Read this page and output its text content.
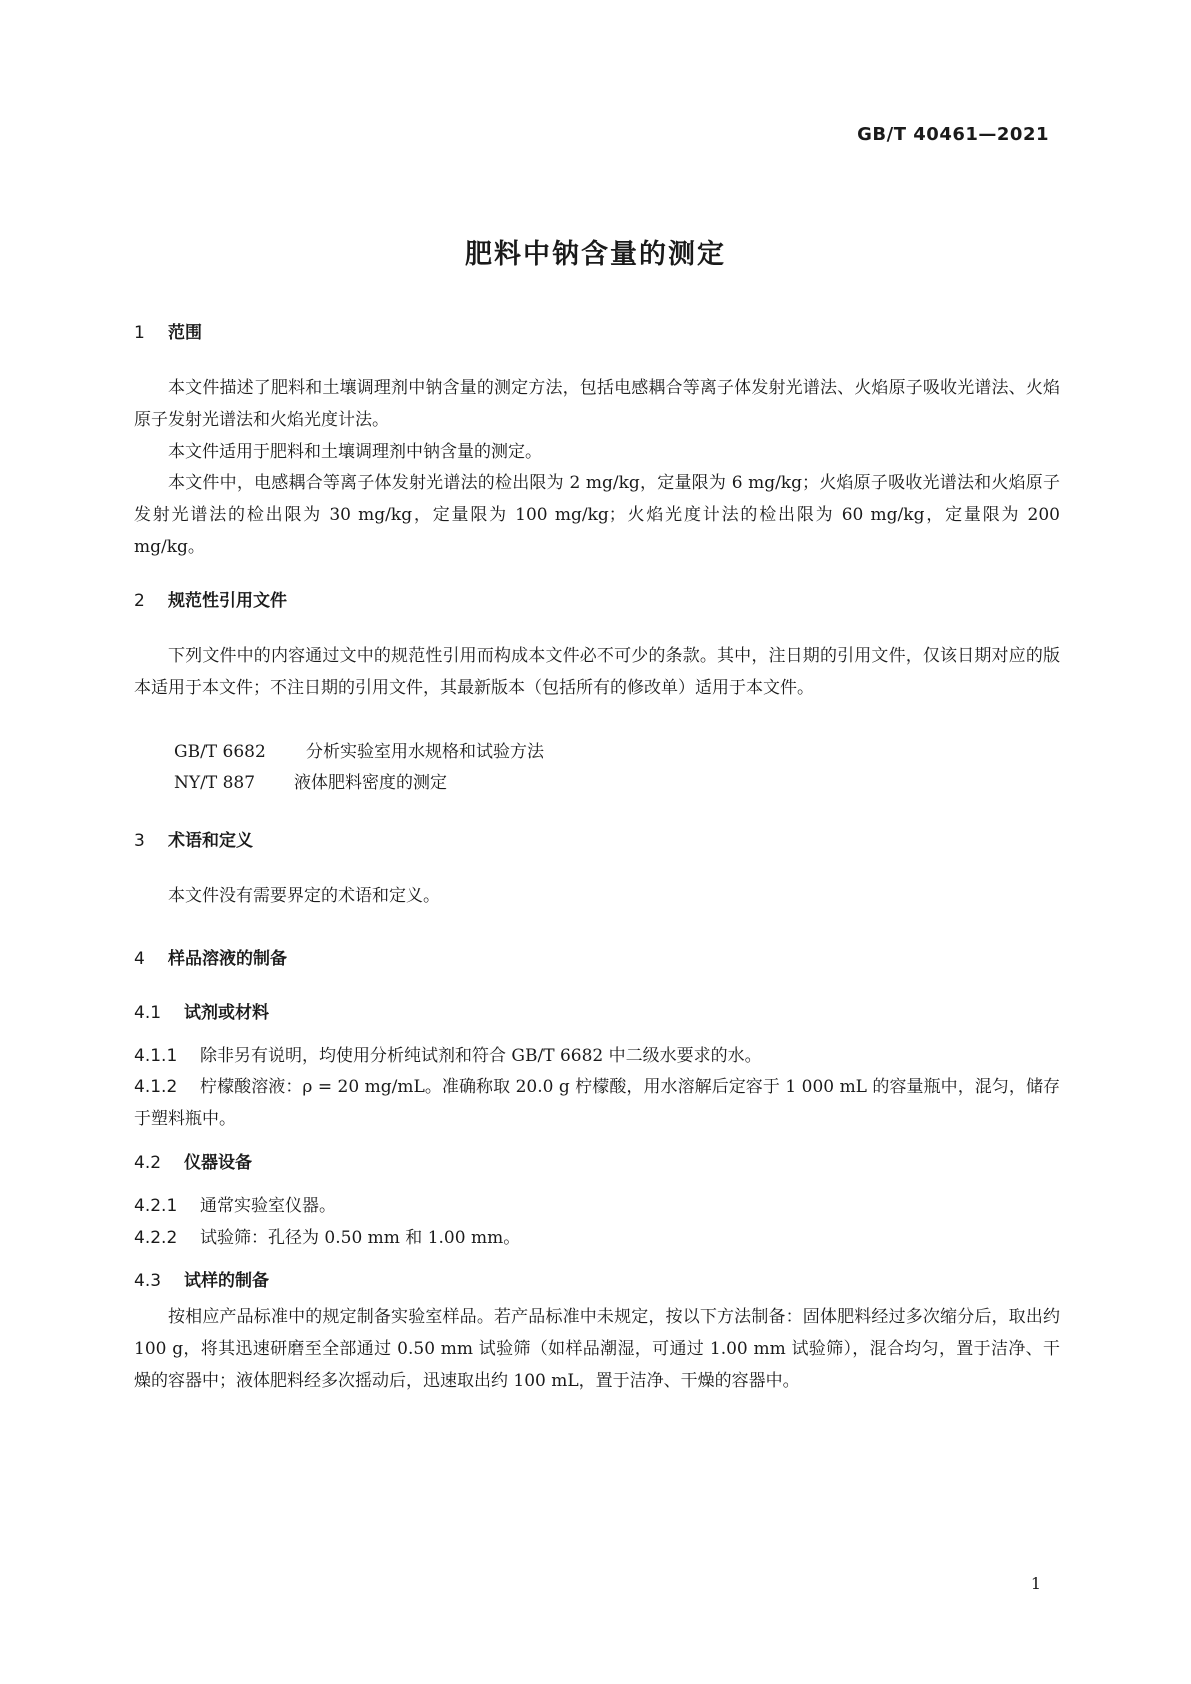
GB/T 40461—2021
肥料中钠含量的测定
1 范围

本文件描述了肥料和土壤调理剂中钠含量的测定方法，包括电感耦合等离子体发射光谱法、火焰原子吸收光谱法、火焰原子发射光谱法和火焰光度计法。

本文件适用于肥料和土壤调理剂中钠含量的测定。

本文件中，电感耦合等离子体发射光谱法的检出限为 2 mg/kg，定量限为 6 mg/kg；火焰原子吸收光谱法和火焰原子发射光谱法的检出限为 30 mg/kg，定量限为 100 mg/kg；火焰光度计法的检出限为 60 mg/kg，定量限为 200 mg/kg。

2 规范性引用文件

下列文件中的内容通过文中的规范性引用而构成本文件必不可少的条款。其中，注日期的引用文件，仅该日期对应的版本适用于本文件；不注日期的引用文件，其最新版本（包括所有的修改单）适用于本文件。

GB/T 6682 分析实验室用水规格和试验方法
NY/T 887 液体肥料密度的测定
3 术语和定义

本文件没有需要界定的术语和定义。

4 样品溶液的制备
4.1 试剂或材料

4.1.1 除非另有说明，均使用分析纯试剂和符合 GB/T 6682 中二级水要求的水。

4.1.2 柠檬酸溶液：ρ = 20 mg/mL。准确称取 20.0 g 柠檬酸，用水溶解后定容于 1 000 mL 的容量瓶中，混匀，储存于塑料瓶中。

4.2 仪器设备

4.2.1 通常实验室仪器。

4.2.2 试验筛：孔径为 0.50 mm 和 1.00 mm。

4.3 试样的制备

按相应产品标准中的规定制备实验室样品。若产品标准中未规定，按以下方法制备：固体肥料经过多次缩分后，取出约 100 g，将其迅速研磨至全部通过 0.50 mm 试验筛（如样品潮湿，可通过 1.00 mm 试验筛），混合均匀，置于洁净、干燥的容器中；液体肥料经多次摇动后，迅速取出约 100 mL，置于洁净、干燥的容器中。

1
